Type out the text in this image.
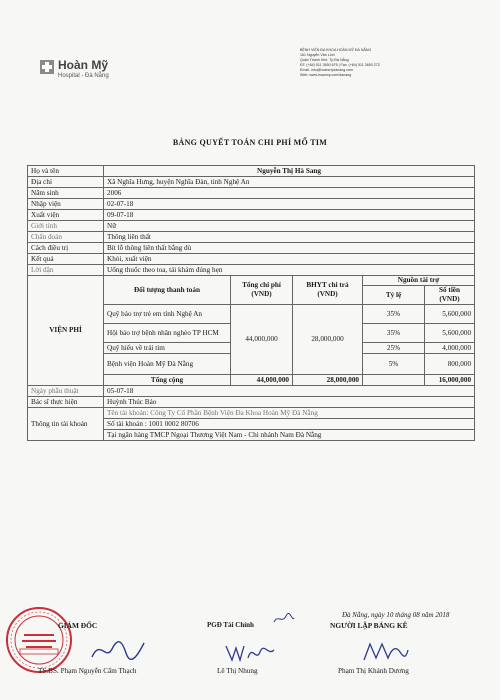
Hoàn Mỹ
Hospital - Đà Nẵng
BỆNH VIỆN ĐA KHOA HOÀN MỸ ĐÀ NẴNG
161 Nguyễn Văn Linh
Quận Thanh Khê, Tp.Đà Nẵng
ĐT: (+84) 511 3650 676 | Fax: (+84) 511 3650 272
Email: info@hoanmydanang.com
Web: www.hoanmy.com/danang
BẢNG QUYẾT TOÁN CHI PHÍ MỔ TIM
Họ và tên	Nguyễn Thị Hà Sang				
Địa chỉ	Xã Nghĩa Hưng, huyện Nghĩa Đàn, tỉnh Nghệ An				
Năm sinh	2006				
Nhập viện	02-07-18				
Xuất viện	09-07-18				
Giới tính	Nữ				
Chẩn đoán	Thông liên thất				
Cách điều trị	Bít lỗ thông liên thất bằng dù				
Kết quả	Khỏi, xuất viện				
Lời dặn	Uống thuốc theo toa, tái khám đúng hẹn				
VIỆN PHÍ	Đối tượng thanh toán	Tổng chi phí (VND)	BHYT chi trả (VND)	Nguồn tài trợ	
				Tỷ lệ	Số tiền (VND)
	Quỹ bảo trợ trẻ em tỉnh Nghệ An	44,000,000	28,000,000	35%	5,600,000
	Hội bảo trợ bệnh nhân nghèo TP HCM			35%	5,600,000
	Quỹ hiếu về trái tim			25%	4,000,000
	Bệnh viện Hoàn Mỹ Đà Nẵng			5%	800,000
	Tổng cộng	44,000,000	28,000,000		16,000,000
Ngày phẫu thuật	05-07-18				
Bác sĩ thực hiện	Huỳnh Thúc Bảo				
Thông tin tài khoản	Tên tài khoản: Công Ty Cổ Phần Bệnh Viện Đa Khoa Hoàn Mỹ Đà Nẵng				
	Số tài khoản : 1001 0002 80706				
	Tại ngân hàng TMCP Ngoại Thương Việt Nam - Chi nhánh Nam Đà Nẵng				
Đà Nẵng, ngày 10 tháng 08 năm 2018
GIÁM ĐỐC	PGĐ Tài Chính	NGƯỜI LẬP BẢNG KÊ
TS.BS. Phạm Nguyễn Cẩm Thạch	Lê Thị Nhung	Phạm Thị Khánh Dương
